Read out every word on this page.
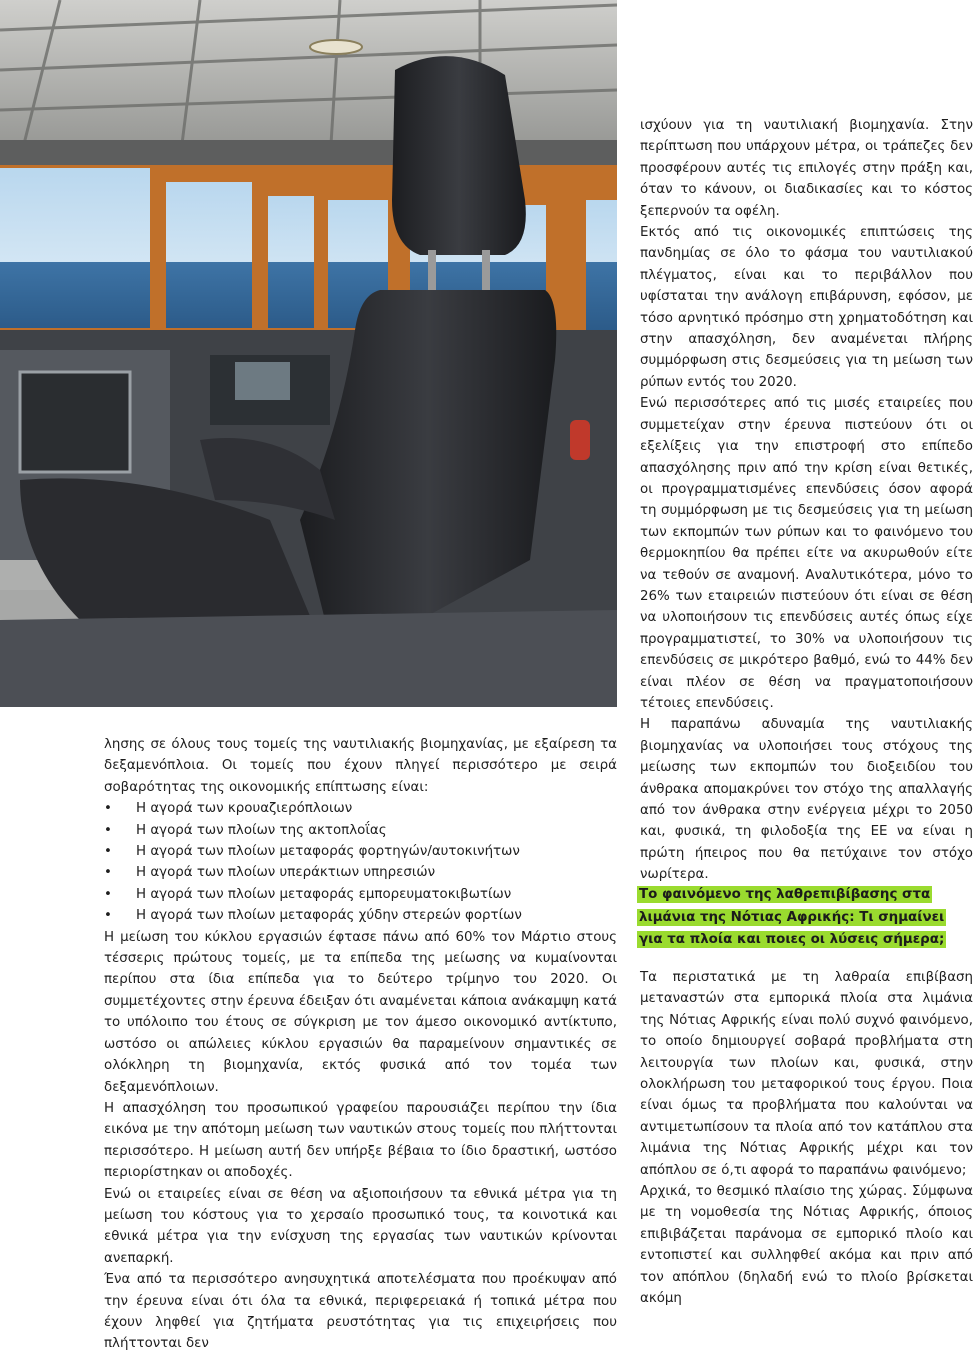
λησης σε όλους τους τομείς της ναυτιλιακής βιομηχανίας, με εξαίρεση τα δεξαμενόπλοια. Οι τομείς που έχουν πληγεί περισσότερο με σειρά σοβαρότητας της οικονομικής επίπτωσης είναι:

• Η αγορά των κρουαζιερόπλοιων
• Η αγορά των πλοίων της ακτοπλοΐας
• Η αγορά των πλοίων μεταφοράς φορτηγών/αυτοκινήτων
• Η αγορά των πλοίων υπεράκτιων υπηρεσιών
• Η αγορά των πλοίων μεταφοράς εμπορευματοκιβωτίων
• Η αγορά των πλοίων μεταφοράς χύδην στερεών φορτίων

Η μείωση του κύκλου εργασιών έφτασε πάνω από 60% τον Μάρτιο στους τέσσερις πρώτους τομείς, με τα επίπεδα της μείωσης να κυμαίνονται περίπου στα ίδια επίπεδα για το δεύτερο τρίμηνο του 2020. Οι συμμετέχοντες στην έρευνα έδειξαν ότι αναμένεται κάποια ανάκαμψη κατά το υπόλοιπο του έτους σε σύγκριση με τον άμεσο οικονομικό αντίκτυπο, ωστόσο οι απώλειες κύκλου εργασιών θα παραμείνουν σημαντικές σε ολόκληρη τη βιομηχανία, εκτός φυσικά από τον τομέα των δεξαμενόπλοιων.

Η απασχόληση του προσωπικού γραφείου παρουσιάζει περίπου την ίδια εικόνα με την απότομη μείωση των ναυτικών στους τομείς που πλήττονται περισσότερο. Η μείωση αυτή δεν υπήρξε βέβαια το ίδιο δραστική, ωστόσο περιορίστηκαν οι αποδοχές.

Ενώ οι εταιρείες είναι σε θέση να αξιοποιήσουν τα εθνικά μέτρα για τη μείωση του κόστους για το χερσαίο προσωπικό τους, τα κοινοτικά και εθνικά μέτρα για την ενίσχυση της εργασίας των ναυτικών κρίνονται ανεπαρκή.

Ένα από τα περισσότερο ανησυχητικά αποτελέσματα που προέκυψαν από την έρευνα είναι ότι όλα τα εθνικά, περιφερειακά ή τοπικά μέτρα που έχουν ληφθεί για ζητήματα ρευστότητας για τις επιχειρήσεις που πλήττονται δεν

ισχύουν για τη ναυτιλιακή βιομηχανία. Στην περίπτωση που υπάρχουν μέτρα, οι τράπεζες δεν προσφέρουν αυτές τις επιλογές στην πράξη και, όταν το κάνουν, οι διαδικασίες και το κόστος ξεπερνούν τα οφέλη.

Εκτός από τις οικονομικές επιπτώσεις της πανδημίας σε όλο το φάσμα του ναυτιλιακού πλέγματος, είναι και το περιβάλλον που υφίσταται την ανάλογη επιβάρυνση, εφόσον, με τόσο αρνητικό πρόσημο στη χρηματοδότηση και στην απασχόληση, δεν αναμένεται πλήρης συμμόρφωση στις δεσμεύσεις για τη μείωση των ρύπων εντός του 2020.

Ενώ περισσότερες από τις μισές εταιρείες που συμμετείχαν στην έρευνα πιστεύουν ότι οι εξελίξεις για την επιστροφή στο επίπεδο απασχόλησης πριν από την κρίση είναι θετικές, οι προγραμματισμένες επενδύσεις όσον αφορά τη συμμόρφωση με τις δεσμεύσεις για τη μείωση των εκπομπών των ρύπων και το φαινόμενο του θερμοκηπίου θα πρέπει είτε να ακυρωθούν είτε να τεθούν σε αναμονή. Αναλυτικότερα, μόνο το 26% των εταιρειών πιστεύουν ότι είναι σε θέση να υλοποιήσουν τις επενδύσεις αυτές όπως είχε προγραμματιστεί, το 30% να υλοποιήσουν τις επενδύσεις σε μικρότερο βαθμό, ενώ το 44% δεν είναι πλέον σε θέση να πραγματοποιήσουν τέτοιες επενδύσεις.

Η παραπάνω αδυναμία της ναυτιλιακής βιομηχανίας να υλοποιήσει τους στόχους της μείωσης των εκπομπών του διοξειδίου του άνθρακα απομακρύνει τον στόχο της απαλλαγής από τον άνθρακα στην ενέργεια μέχρι το 2050 και, φυσικά, τη φιλοδοξία της ΕΕ να είναι η πρώτη ήπειρος που θα πετύχαινε τον στόχο νωρίτερα.

Το φαινόμενο της λαθρεπιβίβασης στα λιμάνια της Νότιας Αφρικής: Τι σημαίνει για τα πλοία και ποιες οι λύσεις σήμερα;

Τα περιστατικά με τη λαθραία επιβίβαση μεταναστών στα εμπορικά πλοία στα λιμάνια της Νότιας Αφρικής είναι πολύ συχνό φαινόμενο, το οποίο δημιουργεί σοβαρά προβλήματα στη λειτουργία των πλοίων και, φυσικά, στην ολοκλήρωση του μεταφορικού τους έργου. Ποια είναι όμως τα προβλήματα που καλούνται να αντιμετωπίσουν τα πλοία από τον κατάπλου στα λιμάνια της Νότιας Αφρικής μέχρι και τον απόπλου σε ό,τι αφορά το παραπάνω φαινόμενο;

Αρχικά, το θεσμικό πλαίσιο της χώρας. Σύμφωνα με τη νομοθεσία της Νότιας Αφρικής, όποιος επιβιβάζεται παράνομα σε εμπορικό πλοίο και εντοπιστεί και συλληφθεί ακόμα και πριν από τον απόπλου (δηλαδή ενώ το πλοίο βρίσκεται ακόμη
